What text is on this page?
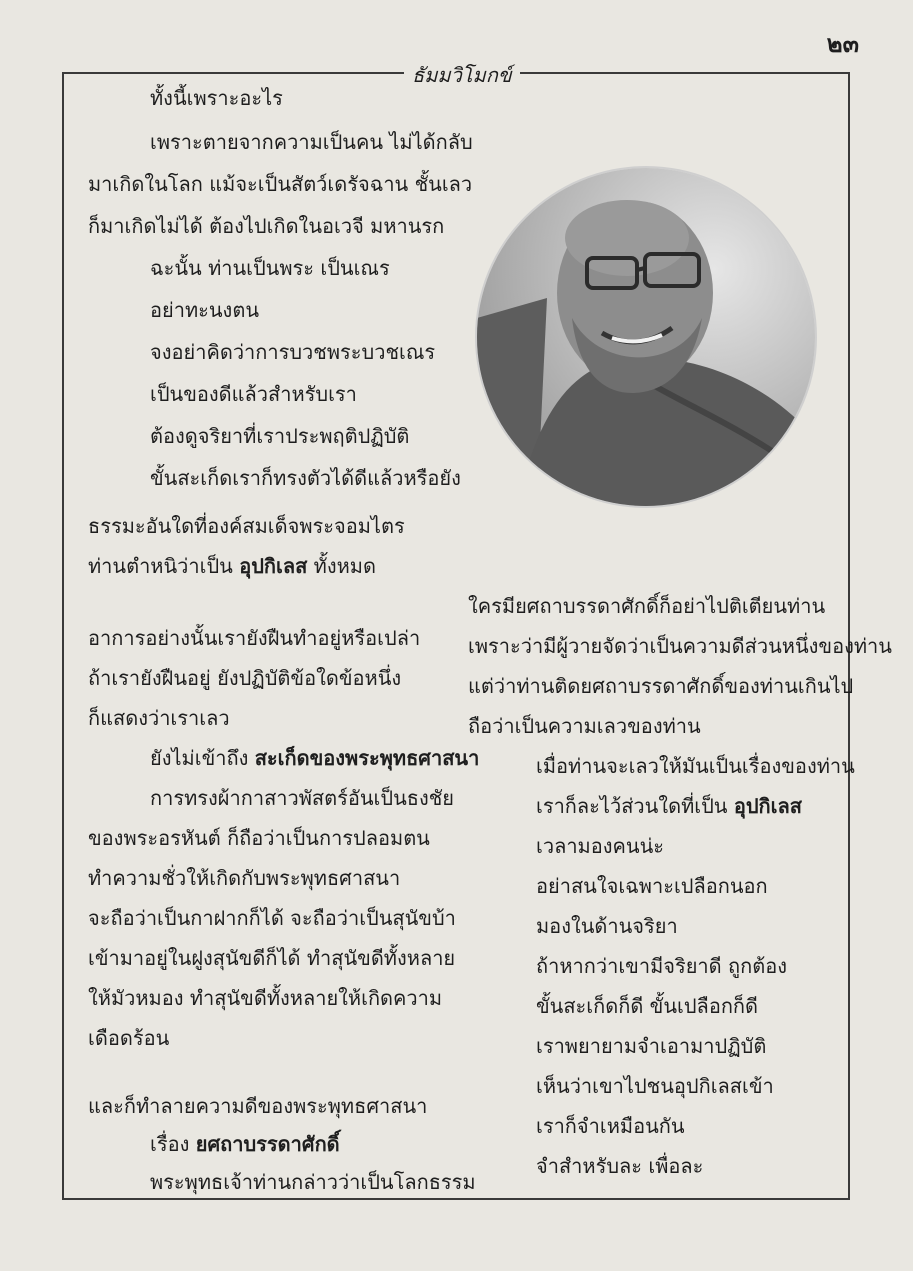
๒๓
ธัมมวิโมกข์
ทั้งนี้เพราะอะไร
เพราะตายจากความเป็นคน ไม่ได้กลับ
มาเกิดในโลก แม้จะเป็นสัตว์เดรัจฉาน ชั้นเลว
ก็มาเกิดไม่ได้ ต้องไปเกิดในอเวจี มหานรก
ฉะนั้น ท่านเป็นพระ เป็นเณร
อย่าทะนงตน
จงอย่าคิดว่าการบวชพระบวชเณร
เป็นของดีแล้วสำหรับเรา
ต้องดูจริยาที่เราประพฤติปฏิบัติ
ขั้นสะเก็ดเราก็ทรงตัวได้ดีแล้วหรือยัง
ธรรมะอันใดที่องค์สมเด็จพระจอมไตร
ท่านตำหนิว่าเป็น อุปกิเลส ทั้งหมด
อาการอย่างนั้นเรายังฝืนทำอยู่หรือเปล่า
ถ้าเรายังฝืนอยู่ ยังปฏิบัติข้อใดข้อหนึ่ง
ก็แสดงว่าเราเลว
ยังไม่เข้าถึง สะเก็ดของพระพุทธศาสนา
การทรงผ้ากาสาวพัสตร์อันเป็นธงชัย
ของพระอรหันต์ ก็ถือว่าเป็นการปลอมตน
ทำความชั่วให้เกิดกับพระพุทธศาสนา
จะถือว่าเป็นกาฝากก็ได้ จะถือว่าเป็นสุนัขบ้า
เข้ามาอยู่ในฝูงสุนัขดีก็ได้ ทำสุนัขดีทั้งหลาย
ให้มัวหมอง ทำสุนัขดีทั้งหลายให้เกิดความ
เดือดร้อน
และก็ทำลายความดีของพระพุทธศาสนา
เรื่อง ยศถาบรรดาศักดิ์
พระพุทธเจ้าท่านกล่าวว่าเป็นโลกธรรม
ใครมียศถาบรรดาศักดิ์ก็อย่าไปติเตียนท่าน
เพราะว่ามีผู้วายจัดว่าเป็นความดีส่วนหนึ่งของท่าน
แต่ว่าท่านติดยศถาบรรดาศักดิ์ของท่านเกินไป
ถือว่าเป็นความเลวของท่าน
เมื่อท่านจะเลวให้มันเป็นเรื่องของท่าน
เราก็ละไว้ส่วนใดที่เป็น อุปกิเลส
เวลามองคนน่ะ
อย่าสนใจเฉพาะเปลือกนอก
มองในด้านจริยา
ถ้าหากว่าเขามีจริยาดี ถูกต้อง
ขั้นสะเก็ดก็ดี ขั้นเปลือกก็ดี
เราพยายามจำเอามาปฏิบัติ
เห็นว่าเขาไปชนอุปกิเลสเข้า
เราก็จำเหมือนกัน
จำสำหรับละ เพื่อละ
